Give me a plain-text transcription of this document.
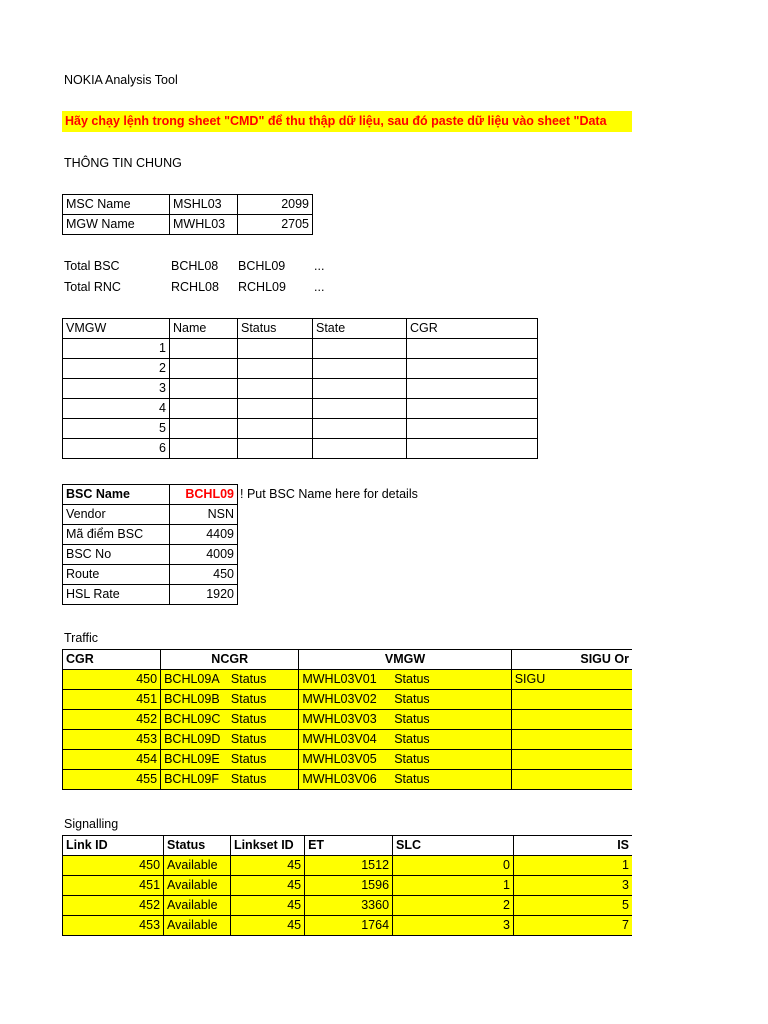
NOKIA Analysis Tool
Hãy chạy lệnh trong sheet "CMD" để thu thập dữ liệu, sau đó paste dữ liệu vào sheet "Data
THÔNG TIN CHUNG
MSC Name	MSHL03	2099
MGW Name	MWHL03	2705
Total BSC	BCHL08 BCHL09 ...
Total RNC	RCHL08 RCHL09 ...
VMGW	Name	Status	State	CGR
1				
2				
3				
4				
5				
6				
BSC Name	BCHL09
Vendor	NSN
Mã điểm BSC	4409
BSC No	4009
Route	450
HSL Rate	1920
! Put BSC Name here for details
Traffic
CGR	NCGR		VMGW		SIGU Or
450	BCHL09A	Status	MWHL03V01	Status	SIGU
451	BCHL09B	Status	MWHL03V02	Status	
452	BCHL09C	Status	MWHL03V03	Status	
453	BCHL09D	Status	MWHL03V04	Status	
454	BCHL09E	Status	MWHL03V05	Status	
455	BCHL09F	Status	MWHL03V06	Status	
Signalling
Link ID	Status	Linkset ID	ET	SLC	IS
450	Available	45	1512	0	1
451	Available	45	1596	1	3
452	Available	45	3360	2	5
453	Available	45	1764	3	7
